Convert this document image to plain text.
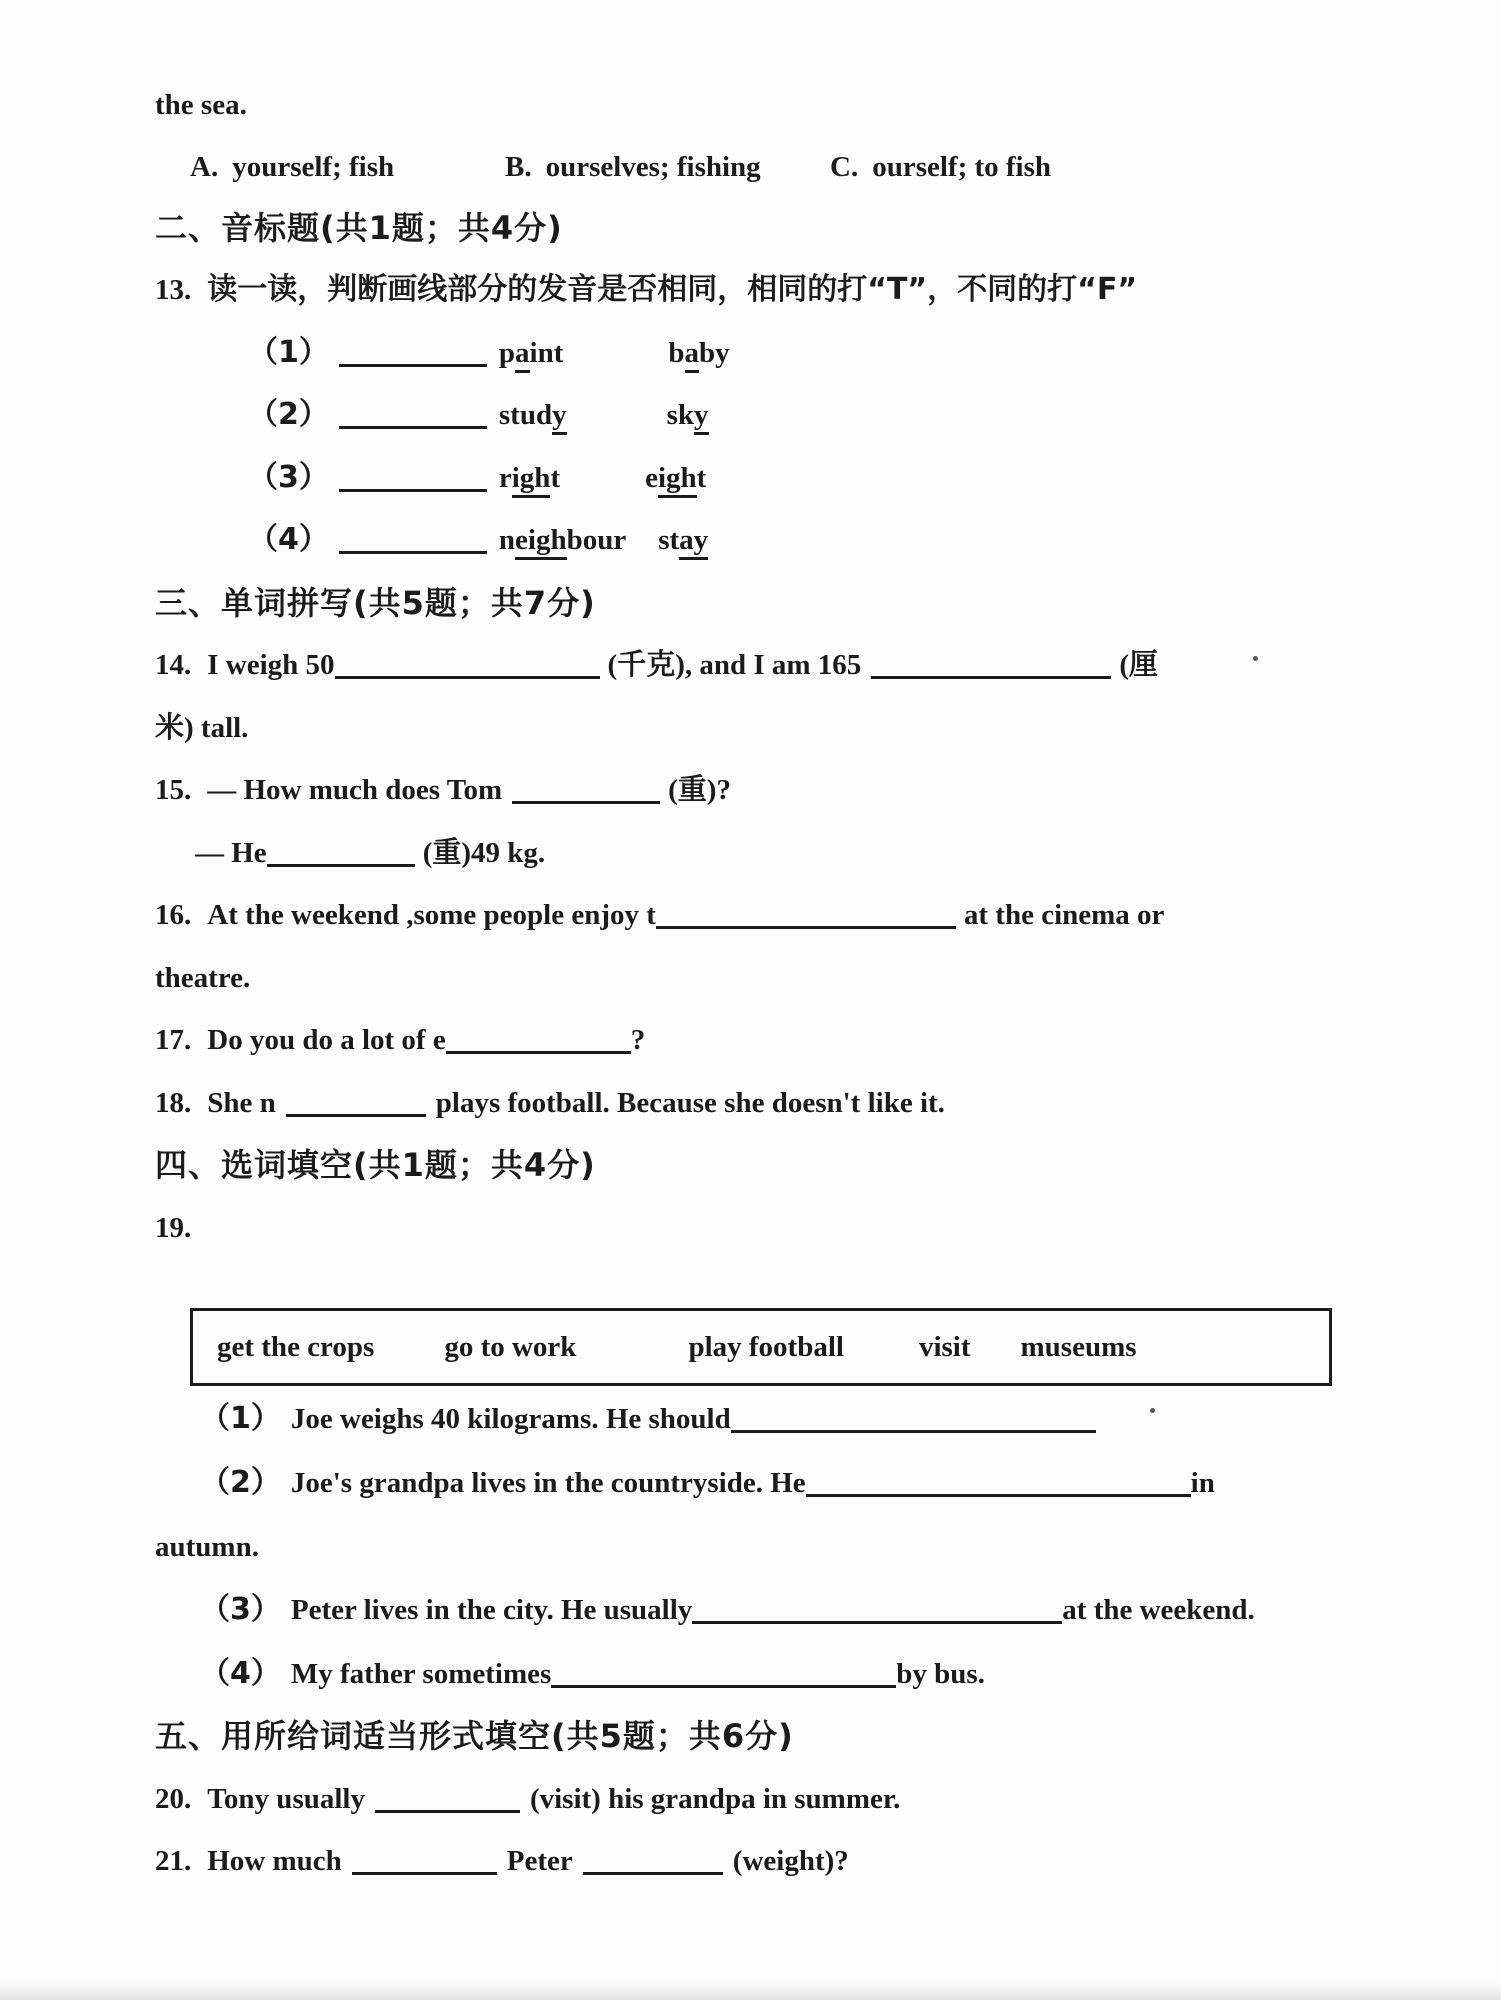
the sea.
A. yourself; fish	B. ourselves; fishing C. ourself; to fish
二、音标题(共1题；共4分)
13. 读一读，判断画线部分的发音是否相同，相同的打“T”，不同的打“F”
（1）	paint	baby
（2）	study	sky
（3）	right	eight
（4）	neighbour stay
三、单词拼写(共5题；共7分)
14. I weigh 50	(千克), and I am 165	(厘
米) tall.
15. — How much does Tom	(重)?
— He	(重)49 kg.
16. At the weekend ,some people enjoy t	at the cinema or
theatre.
17. Do you do a lot of e	?
18. She n	plays football. Because she doesn't like it.
四、选词填空(共1题；共4分)
19.
get the crops go to work	play football	visit museums
（1） Joe weighs 40 kilograms. He should
（2） Joe's grandpa lives in the countryside. He	in
autumn.
（3） Peter lives in the city. He usually	at the weekend.
（4） My father sometimes	by bus.
五、用所给词适当形式填空(共5题；共6分)
20. Tony usually	(visit) his grandpa in summer.
21. How much	Peter	(weight)?
